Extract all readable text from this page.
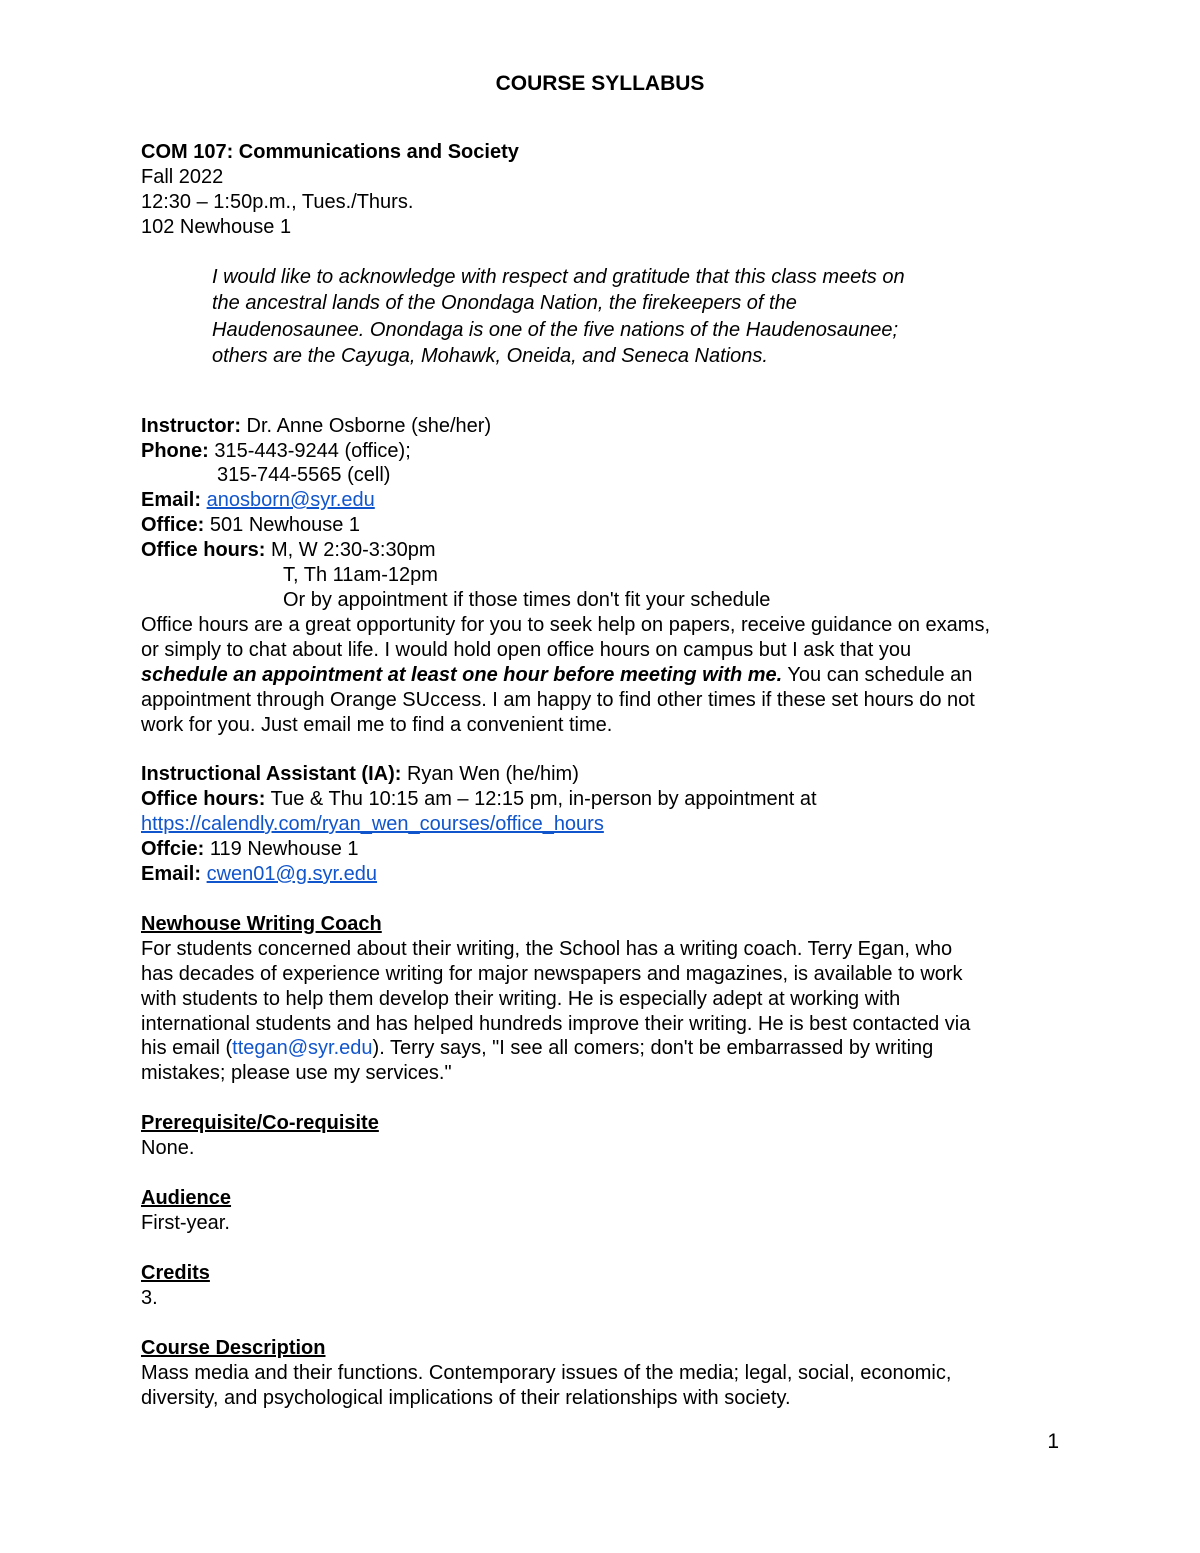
COURSE SYLLABUS
COM 107: Communications and Society
Fall 2022
12:30 – 1:50p.m., Tues./Thurs.
102 Newhouse 1
I would like to acknowledge with respect and gratitude that this class meets on
the ancestral lands of the Onondaga Nation, the firekeepers of the
Haudenosaunee. Onondaga is one of the five nations of the Haudenosaunee;
others are the Cayuga, Mohawk, Oneida, and Seneca Nations.
Instructor: Dr. Anne Osborne (she/her)
Phone: 315-443-9244 (office);
315-744-5565 (cell)
Email: anosborn@syr.edu
Office: 501 Newhouse 1
Office hours: M, W 2:30-3:30pm
T, Th 11am-12pm
Or by appointment if those times don't fit your schedule
Office hours are a great opportunity for you to seek help on papers, receive guidance on exams,
or simply to chat about life. I would hold open office hours on campus but I ask that you
schedule an appointment at least one hour before meeting with me. You can schedule an
appointment through Orange SUccess. I am happy to find other times if these set hours do not
work for you. Just email me to find a convenient time.
Instructional Assistant (IA): Ryan Wen (he/him)
Office hours: Tue & Thu 10:15 am – 12:15 pm, in-person by appointment at
https://calendly.com/ryan_wen_courses/office_hours
Offcie: 119 Newhouse 1
Email: cwen01@g.syr.edu
Newhouse Writing Coach
For students concerned about their writing, the School has a writing coach. Terry Egan, who
has decades of experience writing for major newspapers and magazines, is available to work
with students to help them develop their writing. He is especially adept at working with
international students and has helped hundreds improve their writing. He is best contacted via
his email (ttegan@syr.edu). Terry says, "I see all comers; don't be embarrassed by writing
mistakes; please use my services."
Prerequisite/Co-requisite
None.
Audience
First-year.
Credits
3.
Course Description
Mass media and their functions. Contemporary issues of the media; legal, social, economic,
diversity, and psychological implications of their relationships with society.
1
